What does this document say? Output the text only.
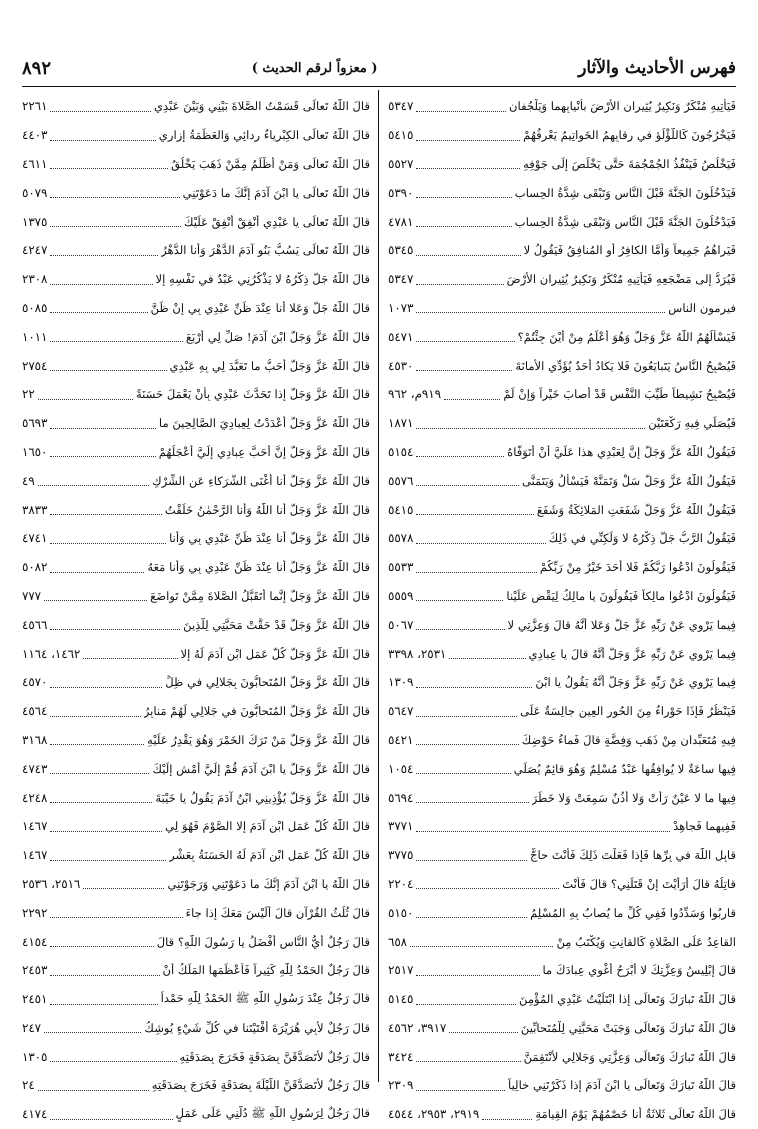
فهرس الأحاديث والآثار
( معزواً لرقم الحديث )
٨٩٢
فَيَأْتِيهِ مُنْكَرٌ وَنَكِيرٌ يُثِيرانِ الأَرْضَ بأَنْيابِهِما وَيَلْجُفانِ
٥٣٤٧
فَيَخْرُجُونَ كَاللُّؤْلُؤِ في رِقابِهِمُ الخَواتِيمُ يَعْرِفُهُمْ
٥٤١٥
فَيَخْلُصُ فَيَنْفُذُ الجُمْجُمَةَ حَتَّى يَخْلُصَ إلَى جَوْفِهِ
٥٥٢٧
فَيَدْخُلُونَ الجَنَّةَ قَبْلَ النَّاسِ وَتَبْقَى شِدَّةُ الحِسابِ
٥٣٩٠
فَيَدْخُلُونَ الجَنَّةَ قَبْلَ النَّاسِ وَتَبْقَى شِدَّةُ الحِسابِ
٤٧٨١
فَيَراهُمُ جَمِيعاً وَأَمَّا الكافِرُ أَوِ المُنافِقُ فَيَقُولُ لا
٥٣٤٥
فَيُرَدُّ إِلى مَضْجَعِهِ فَيَأْتِيهِ مُنْكَرٌ وَنَكِيرٌ يُثِيرانِ الأَرْضَ
٥٣٤٧
فيرمون الناس
١٠٧٣
فَيَسْأَلُهُمُ اللّٰهُ عَزَّ وَجَلَّ وَهُوَ أَعْلَمُ مِنْ أَيْنَ جِئْتُمْ؟
٥٤٧١
فَيُصْبِحُ النَّاسُ يَتَبايَعُونَ فَلا يَكادُ أَحَدٌ يُؤَدِّي الأَمانَةَ
٤٥٣٠
فَيُصْبِحُ نَشِيطاً طَيِّبَ النَّفْسِ قَدْ أَصابَ خَيْراً وَإِنْ لَمْ
٩١٩م، ٩٦٢
فَيُصَلِّي فِيهِ رَكْعَتَيْنِ
١٨٧١
فَيَقُولُ اللّٰهُ عَزَّ وَجَلَّ إِنَّ لِعَبْدِي هذا عَلَيَّ أَنْ أَتَوَفَّاهُ
٥١٥٤
فَيَقُولُ اللّٰهُ عَزَّ وَجَلَّ سَلْ وَتَمَنَّهْ فَيَسْأَلُ وَيَتَمَنَّى
٥٥٧٦
فَيَقُولُ اللّٰهُ عَزَّ وَجَلَّ شَفَعَتِ المَلائِكَةُ وَشَفَعَ
٥٤١٥
فَيَقُولُ الرَّبُّ جَلَّ ذِكْرُهُ لا وَلَكِنِّي في ذَلِكَ
٥٥٧٨
فَيَقُولُونَ ادْعُوا رَبَّكُمْ فَلا أَحَدَ خَيْرٌ مِنْ رَبِّكُمْ
٥٥٣٣
فَيَقُولُونَ ادْعُوا مالِكاً فَيَقُولُونَ يا مالِكُ لِيَقْضِ عَلَيْنا
٥٥٥٩
فِيما يَرْوِي عَنْ رَبِّهِ عَزَّ جَلَّ وَعَلا أَنَّهُ قالَ وَعِزَّتِي لا
٥٠٦٧
فِيما يَرْوِي عَنْ رَبِّهِ عَزَّ وَجَلَّ أَنَّهُ قالَ يا عِبادِي
٢٥٣١، ٣٣٩٨
فِيما يَرْوِي عَنْ رَبِّهِ عَزَّ وَجَلَّ أَنَّهُ يَقُولُ يا ابْنَ
١٣٠٩
فَيَنْظُرُ فَإِذَا حَوْراءُ مِنَ الحُورِ العِينِ جالِسَةٌ عَلَى
٥٦٤٧
فِيهِ مُتَعَبِّدانِ مِنْ ذَهَبٍ وَفِضَّةٍ قالَ فَماءُ حَوْضِكَ
٥٤٢١
فِيها ساعَةٌ لا يُوافِقُها عَبْدٌ مُسْلِمٌ وَهُوَ قائِمٌ يُصَلِّي
١٠٥٤
فِيها ما لا عَيْنٌ رَأَتْ وَلا أُذُنٌ سَمِعَتْ وَلا خَطَرَ
٥٦٩٤
فَفِيهِما فَجاهِدْ
٣٧٧١
قابِلِ اللّٰهَ في بِرِّها فَإِذا فَعَلْتَ ذَلِكَ فَأَنْتَ حاجٌّ
٣٧٧٥
قاتِلُهُ قالَ أَرَأَيْتَ إِنْ قَتَلَنِي؟ قالَ فَأَنْتَ
٢٢٠٤
قارِبُوا وَسَدِّدُوا فَفِي كُلِّ ما يُصابُ بِهِ المُسْلِمُ
٥١٥٠
القاعِدُ عَلَى الصَّلاةِ كَالقانِتِ وَيُكْتَبُ مِنْ
٦٥٨
قالَ إِبْلِيسُ وَعِزَّتِكَ لا أَبْرَحُ أُغْوِي عِبادَكَ ما
٢٥١٧
قالَ اللّٰهُ تَبارَكَ وَتَعالَى إِذا ابْتَلَيْتُ عَبْدِي المُؤْمِنَ
٥١٤٥
قالَ اللّٰهُ تَبارَكَ وَتَعالَى وَجَبَتْ مَحَبَّتِي لِلْمُتَحابِّينَ
٣٩١٧، ٤٥٦٢
قالَ اللّٰهُ تَبارَكَ وَتَعالَى وَعِزَّتِي وَجَلالِي لأَنْتَقِمَنَّ
٣٤٢٤
قالَ اللّٰهُ تَبارَكَ وَتَعالَى يا ابْنَ آدَمَ إِذا ذَكَرْتَنِي خالِياً
٢٣٠٩
قالَ اللّٰهُ تَعالَى ثَلاثَةٌ أَنا خَصْمُهُمْ يَوْمَ القِيامَةِ
٢٩١٩، ٢٩٥٣، ٤٥٤٤
قالَ اللّٰهُ تَعالَى قَسَمْتُ الصَّلاةَ بَيْنِي وَبَيْنَ عَبْدِي
٢٢٦١
قالَ اللّٰهُ تَعالَى الكِبْرِياءُ رِدائِي وَالعَظَمَةُ إِزارِي
٤٤٠٣
قالَ اللّٰهُ تَعالَى وَمَنْ أَظْلَمُ مِمَّنْ ذَهَبَ يَخْلُقُ
٤٦١١
قالَ اللّٰهُ تَعالَى يا ابْنَ آدَمَ إِنَّكَ ما دَعَوْتَنِي
٥٠٧٩
قالَ اللّٰهُ تَعالَى يا عَبْدِي أَنْفِقْ أُنْفِقْ عَلَيْكَ
١٣٧٥
قالَ اللّٰهُ تَعالَى يَسُبُّ بَنُو آدَمَ الدَّهْرَ وَأَنا الدَّهْرُ
٤٢٤٧
قالَ اللّٰهُ جَلَّ ذِكْرُهُ لا يَذْكُرُنِي عَبْدٌ في نَفْسِهِ إِلا
٢٣٠٨
قالَ اللّٰهُ جَلَّ وَعَلا أَنا عِنْدَ ظَنِّ عَبْدِي بِي إِنْ ظَنَّ
٥٠٨٥
قالَ اللّٰهُ عَزَّ وَجَلَّ ابْنَ آدَمَ! صَلِّ لِي أَرْبَعَ
١٠١١
قالَ اللّٰهُ عَزَّ وَجَلَّ أَحَبُّ ما تَعَبَّدَ لِي بِهِ عَبْدِي
٢٧٥٤
قالَ اللّٰهُ عَزَّ وَجَلَّ إِذا تَحَدَّثَ عَبْدِي بِأَنْ يَعْمَلَ حَسَنَةً
٢٢
قالَ اللّٰهُ عَزَّ وَجَلَّ أَعْدَدْتُ لِعِبادِيَ الصَّالِحِينَ ما
٥٦٩٣
قالَ اللّٰهُ عَزَّ وَجَلَّ إِنَّ أَحَبَّ عِبادِي إِلَيَّ أَعْجَلُهُمْ
١٦٥٠
قالَ اللّٰهُ عَزَّ وَجَلَّ أَنا أَغْنَى الشُّرَكاءِ عَنِ الشِّرْكِ
٤٩
قالَ اللّٰهُ عَزَّ وَجَلَّ أَنا اللّٰهُ وَأَنا الرَّحْمٰنُ خَلَقْتُ
٣٨٣٣
قالَ اللّٰهُ عَزَّ وَجَلَّ أَنا عِنْدَ ظَنِّ عَبْدِي بِي وَأَنا
٤٧٤١
قالَ اللّٰهُ عَزَّ وَجَلَّ أَنا عِنْدَ ظَنِّ عَبْدِي بِي وَأَنا مَعَهُ
٥٠٨٢
قالَ اللّٰهُ عَزَّ وَجَلَّ إِنَّما أَتَقَبَّلُ الصَّلاةَ مِمَّنْ تَواضَعَ
٧٧٧
قالَ اللّٰهُ عَزَّ وَجَلَّ قَدْ حَقَّتْ مَحَبَّتِي لِلَّذِينَ
٤٥٦٦
قالَ اللّٰهُ عَزَّ وَجَلَّ كُلُّ عَمَلِ ابْنِ آدَمَ لَهُ إِلا
١٤٦٢، ١١٦٤
قالَ اللّٰهُ عَزَّ وَجَلَّ المُتَحابُّونَ بِجَلالِي في ظِلٍّ
٤٥٧٠
قالَ اللّٰهُ عَزَّ وَجَلَّ المُتَحابُّونَ في جَلالِي لَهُمْ مَنابِرُ
٤٥٦٤
قالَ اللّٰهُ عَزَّ وَجَلَّ مَنْ تَرَكَ الخَمْرَ وَهُوَ يَقْدِرُ عَلَيْهِ
٣١٦٨
قالَ اللّٰهُ عَزَّ وَجَلَّ يا ابْنَ آدَمَ قُمْ إِلَيَّ أَمْشِ إِلَيْكَ
٤٧٤٣
قالَ اللّٰهُ عَزَّ وَجَلَّ يُؤْذِينِي ابْنُ آدَمَ يَقُولُ يا خَيْبَةَ
٤٢٤٨
قالَ اللّٰهُ كُلُّ عَمَلِ ابْنِ آدَمَ إِلا الصَّوْمَ فَهُوَ لِي
١٤٦٧
قالَ اللّٰهُ كُلُّ عَمَلِ ابْنِ آدَمَ لَهُ الحَسَنَةُ بِعَشْرِ
١٤٦٧
قالَ اللّٰهُ يا ابْنَ آدَمَ إِنَّكَ ما دَعَوْتَنِي وَرَجَوْتَنِي
٢٥١٦، ٢٥٣٦
قالَ ثُلُثُ القُرْآنِ قالَ أَلَيْسَ مَعَكَ إِذا جاءَ
٢٢٩٢
قالَ رَجُلٌ أَيُّ النَّاسِ أَفْضَلُ يا رَسُولَ اللّٰهِ؟ قالَ
٤١٥٤
قالَ رَجُلٌ الحَمْدُ لِلّٰهِ كَثِيراً فَأَعْظَمَها المَلَكُ أَنْ
٢٤٥٣
قالَ رَجُلٌ عِنْدَ رَسُولِ اللّٰهِ ﷺ الحَمْدُ لِلّٰهِ حَمْداً
٢٤٥١
قالَ رَجُلٌ لأَبِي هُرَيْرَةَ أَفْتَيْتَنا في كُلِّ شَيْءٍ يُوشِكُ
٢٤٧
قالَ رَجُلٌ لأَتَصَدَّقَنَّ بِصَدَقَةٍ فَخَرَجَ بِصَدَقَتِهِ
١٣٠٥
قالَ رَجُلٌ لأَتَصَدَّقَنَّ اللَّيْلَةَ بِصَدَقَةٍ فَخَرَجَ بِصَدَقَتِهِ
٢٤
قالَ رَجُلٌ لِرَسُولِ اللّٰهِ ﷺ دُلَّنِي عَلَى عَمَلٍ
٤١٧٤
